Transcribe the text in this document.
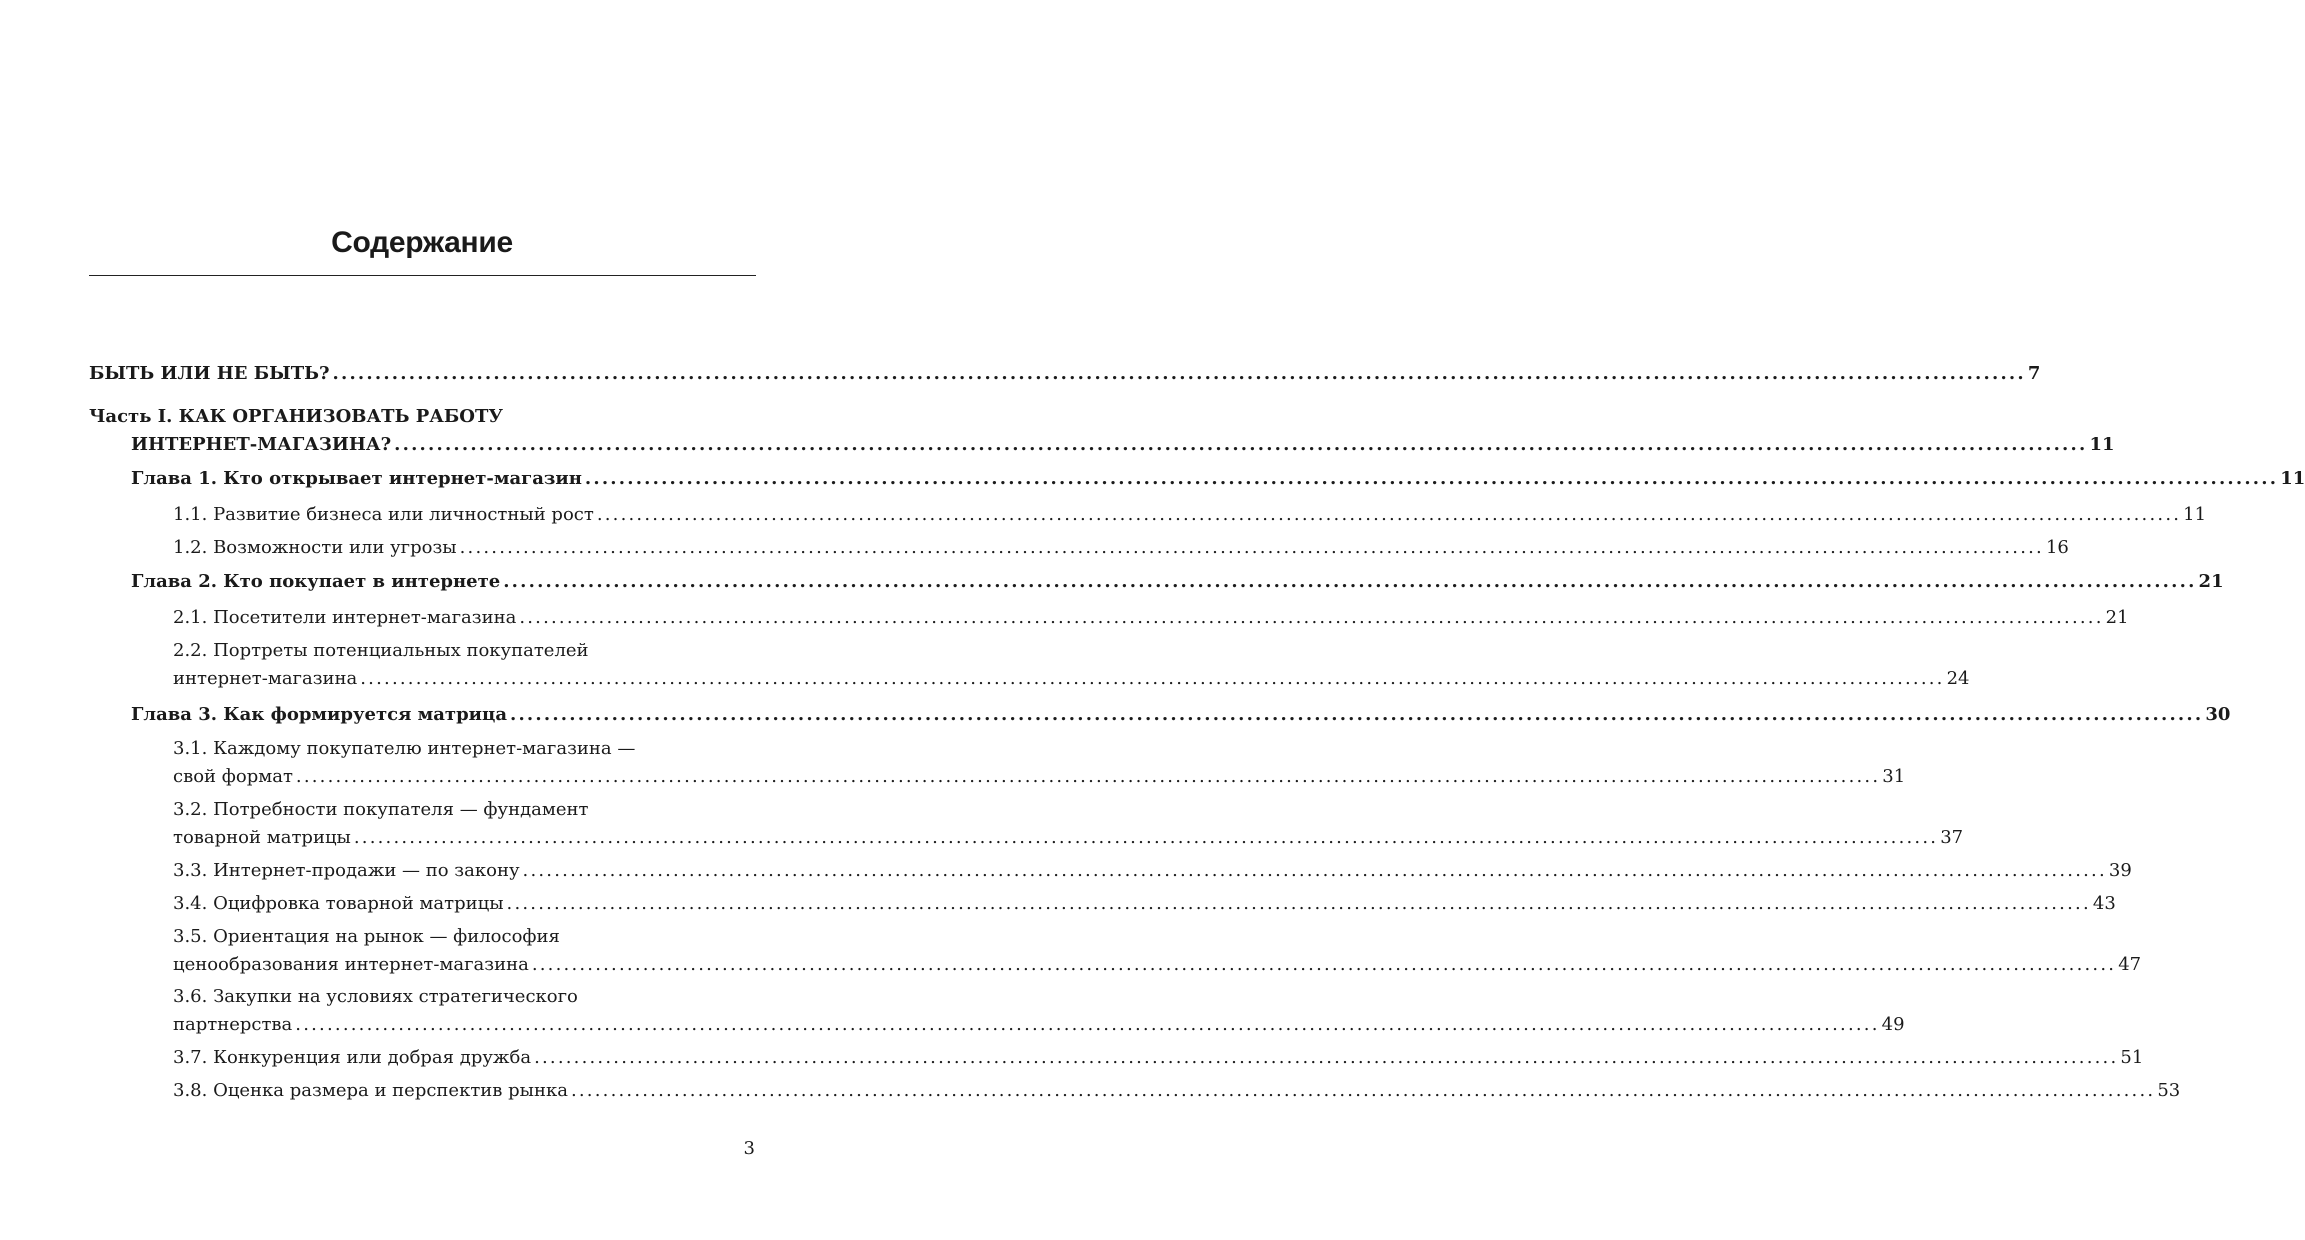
Содержание
БЫТЬ ИЛИ НЕ БЫТЬ? ........................................................................................................................................................................................................ 7
Часть I. КАК ОРГАНИЗОВАТЬ РАБОТУ
ИНТЕРНЕТ-МАГАЗИНА? ........................................................................................................................................................................................................ 11
Глава 1. Кто открывает интернет-магазин ........................................................................................................................................................................................................ 11
1.1. Развитие бизнеса или личностный рост ........................................................................................................................................................................................................ 11
1.2. Возможности или угрозы ........................................................................................................................................................................................................ 16
Глава 2. Кто покупает в интернете ........................................................................................................................................................................................................ 21
2.1. Посетители интернет-магазина ........................................................................................................................................................................................................ 21
2.2. Портреты потенциальных покупателей
интернет-магазина ........................................................................................................................................................................................................ 24
Глава 3. Как формируется матрица ........................................................................................................................................................................................................ 30
3.1. Каждому покупателю интернет-магазина —
свой формат ........................................................................................................................................................................................................ 31
3.2. Потребности покупателя — фундамент
товарной матрицы ........................................................................................................................................................................................................ 37
3.3. Интернет-продажи — по закону ........................................................................................................................................................................................................ 39
3.4. Оцифровка товарной матрицы ........................................................................................................................................................................................................ 43
3.5. Ориентация на рынок — философия
ценообразования интернет-магазина ........................................................................................................................................................................................................ 47
3.6. Закупки на условиях стратегического
партнерства ........................................................................................................................................................................................................ 49
3.7. Конкуренция или добрая дружба ........................................................................................................................................................................................................ 51
3.8. Оценка размера и перспектив рынка ........................................................................................................................................................................................................ 53
3
